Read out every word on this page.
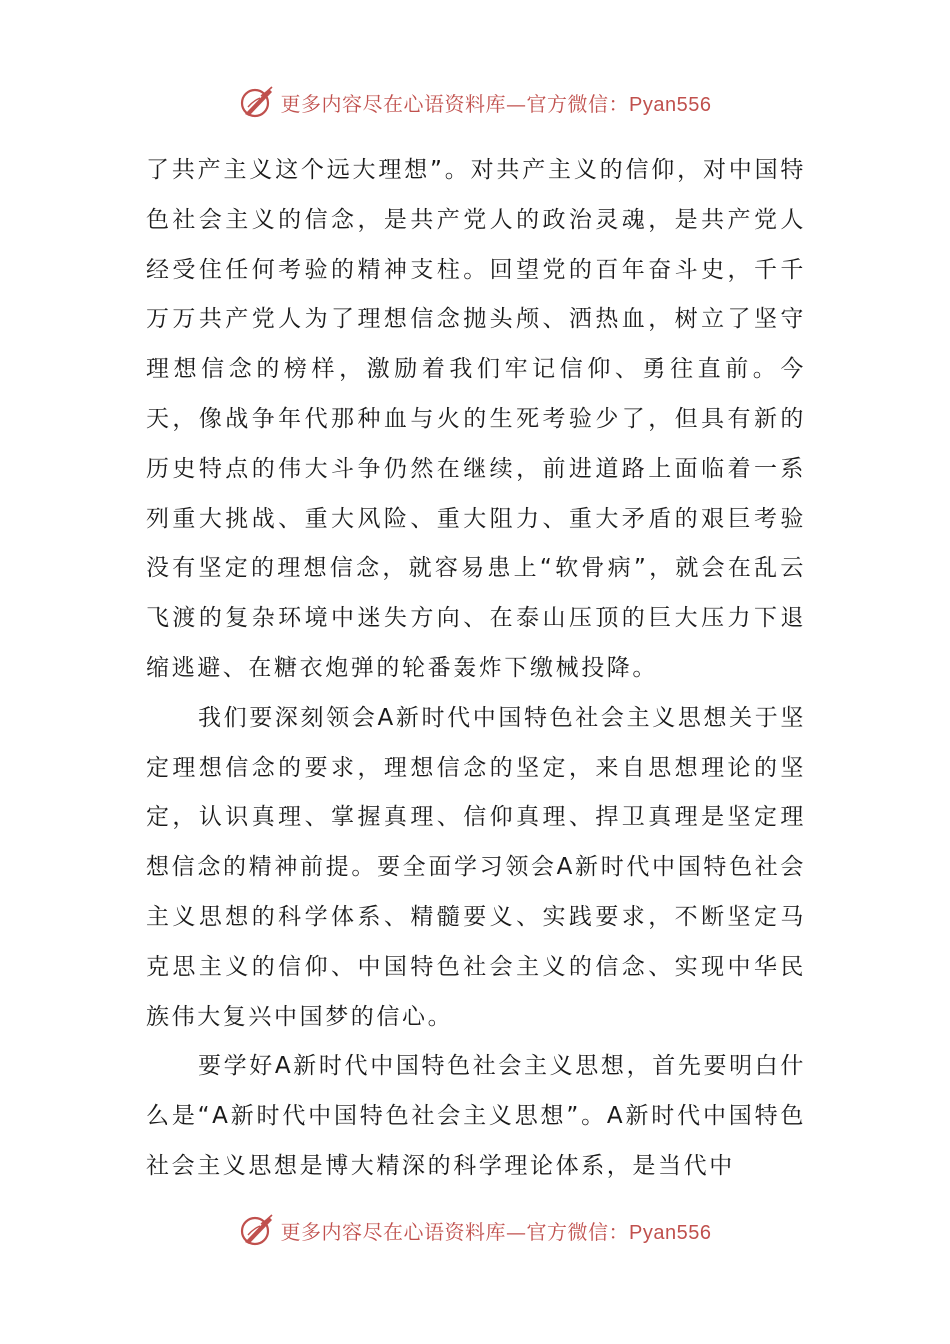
更多内容尽在心语资料库—官方微信：Pyan556

了共产主义这个远大理想”。对共产主义的信仰，对中国特色社会主义的信念，是共产党人的政治灵魂，是共产党人经受住任何考验的精神支柱。回望党的百年奋斗史，千千万万共产党人为了理想信念抛头颅、洒热血，树立了坚守理想信念的榜样，激励着我们牢记信仰、勇往直前。今天，像战争年代那种血与火的生死考验少了，但具有新的历史特点的伟大斗争仍然在继续，前进道路上面临着一系列重大挑战、重大风险、重大阻力、重大矛盾的艰巨考验没有坚定的理想信念，就容易患上“软骨病”，就会在乱云飞渡的复杂环境中迷失方向、在泰山压顶的巨大压力下退缩逃避、在糖衣炮弹的轮番轰炸下缴械投降。

我们要深刻领会A新时代中国特色社会主义思想关于坚定理想信念的要求，理想信念的坚定，来自思想理论的坚定，认识真理、掌握真理、信仰真理、捍卫真理是坚定理想信念的精神前提。要全面学习领会A新时代中国特色社会主义思想的科学体系、精髓要义、实践要求，不断坚定马克思主义的信仰、中国特色社会主义的信念、实现中华民族伟大复兴中国梦的信心。

要学好A新时代中国特色社会主义思想，首先要明白什么是“A新时代中国特色社会主义思想”。A新时代中国特色社会主义思想是博大精深的科学理论体系，是当代中

更多内容尽在心语资料库—官方微信：Pyan556
